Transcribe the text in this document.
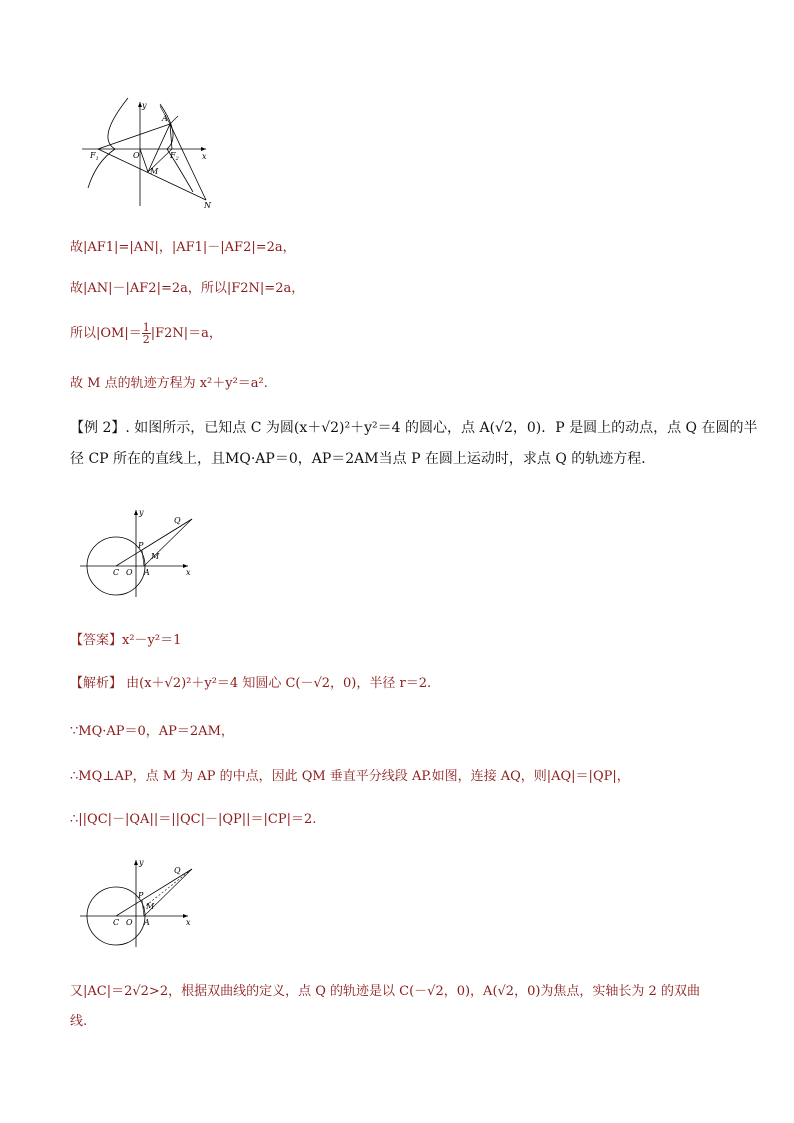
y
x
A
$F_1$	O	$F_2$
M
N
故|AF1|=|AN|，|AF1|－|AF2|=2a，
故|AN|－|AF2|=2a，所以|F2N|=2a，
所以$|OM|= \frac{1}{2} |F2N|=a$，
故 M 点的轨迹方程为 x²＋y²＝a².
【例 2】. 如图所示，已知点 C 为圆(x＋√2)²＋y²＝4 的圆心，点 A(√2，0)．P 是圆上的动点，点 Q 在圆的半
径 CP 所在的直线上，且MQ·AP＝0，AP＝2AM当点 P 在圆上运动时，求点 Q 的轨迹方程．
y
x
Q
P
M
C O A
【答案】x²－y²＝1
【解析】 由(x＋√2)²＋y²＝4 知圆心 C(－√2，0)，半径 r＝2.
∵MQ·AP＝0，AP＝2AM，
∴MQ⊥AP，点 M 为 AP 的中点，因此 QM 垂直平分线段 AP.如图，连接 AQ，则|AQ|＝|QP|，
∴||QC|－|QA||＝||QC|－|QP||＝|CP|＝2.
y
x
Q
P
M
C O A
又|AC|＝2√2>2，根据双曲线的定义，点 Q 的轨迹是以 C(－√2，0)，A(√2，0)为焦点，实轴长为 2 的双曲
线.
